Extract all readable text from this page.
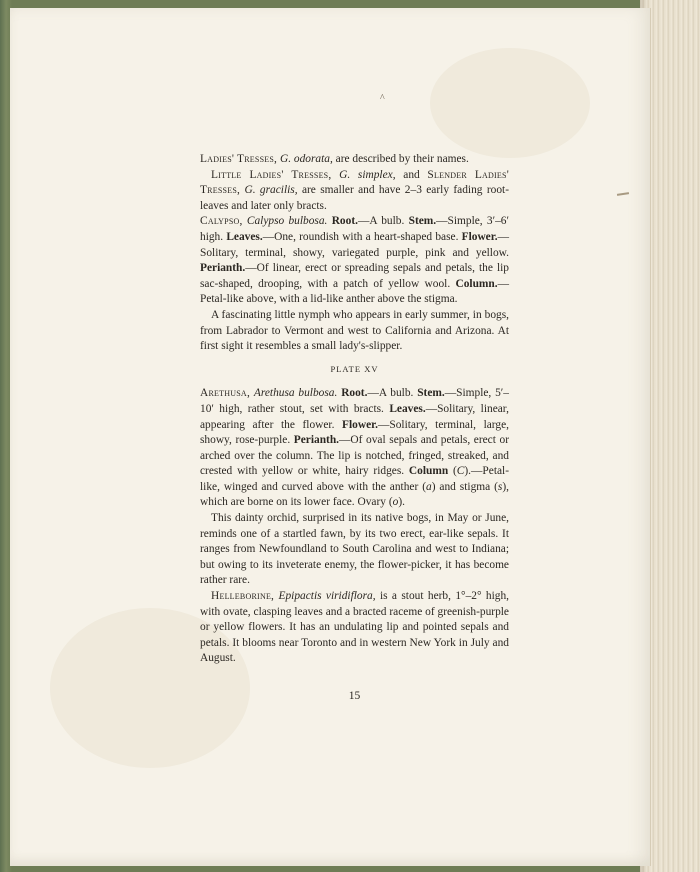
^

Ladies' Tresses, G. odorata, are described by their names.

Little Ladies' Tresses, G. simplex, and Slender Ladies' Tresses, G. gracilis, are smaller and have 2–3 early fading root-leaves and later only bracts.

Calypso, Calypso bulbosa. Root.—A bulb. Stem.—Simple, 3′–6′ high. Leaves.—One, roundish with a heart-shaped base. Flower.—Solitary, terminal, showy, variegated purple, pink and yellow. Perianth.—Of linear, erect or spreading sepals and petals, the lip sac-shaped, drooping, with a patch of yellow wool. Column.—Petal-like above, with a lid-like anther above the stigma.

A fascinating little nymph who appears in early summer, in bogs, from Labrador to Vermont and west to California and Arizona. At first sight it resembles a small lady's-slipper.

PLATE XV

Arethusa, Arethusa bulbosa. Root.—A bulb. Stem.—Simple, 5′–10′ high, rather stout, set with bracts. Leaves.—Solitary, linear, appearing after the flower. Flower.—Solitary, terminal, large, showy, rose-purple. Perianth.—Of oval sepals and petals, erect or arched over the column. The lip is notched, fringed, streaked, and crested with yellow or white, hairy ridges. Column (C).—Petal-like, winged and curved above with the anther (a) and stigma (s), which are borne on its lower face. Ovary (o).

This dainty orchid, surprised in its native bogs, in May or June, reminds one of a startled fawn, by its two erect, ear-like sepals. It ranges from Newfoundland to South Carolina and west to Indiana; but owing to its inveterate enemy, the flower-picker, it has become rather rare.

Helleborine, Epipactis viridiflora, is a stout herb, 1°–2° high, with ovate, clasping leaves and a bracted raceme of greenish-purple or yellow flowers. It has an undulating lip and pointed sepals and petals. It blooms near Toronto and in western New York in July and August.

15
